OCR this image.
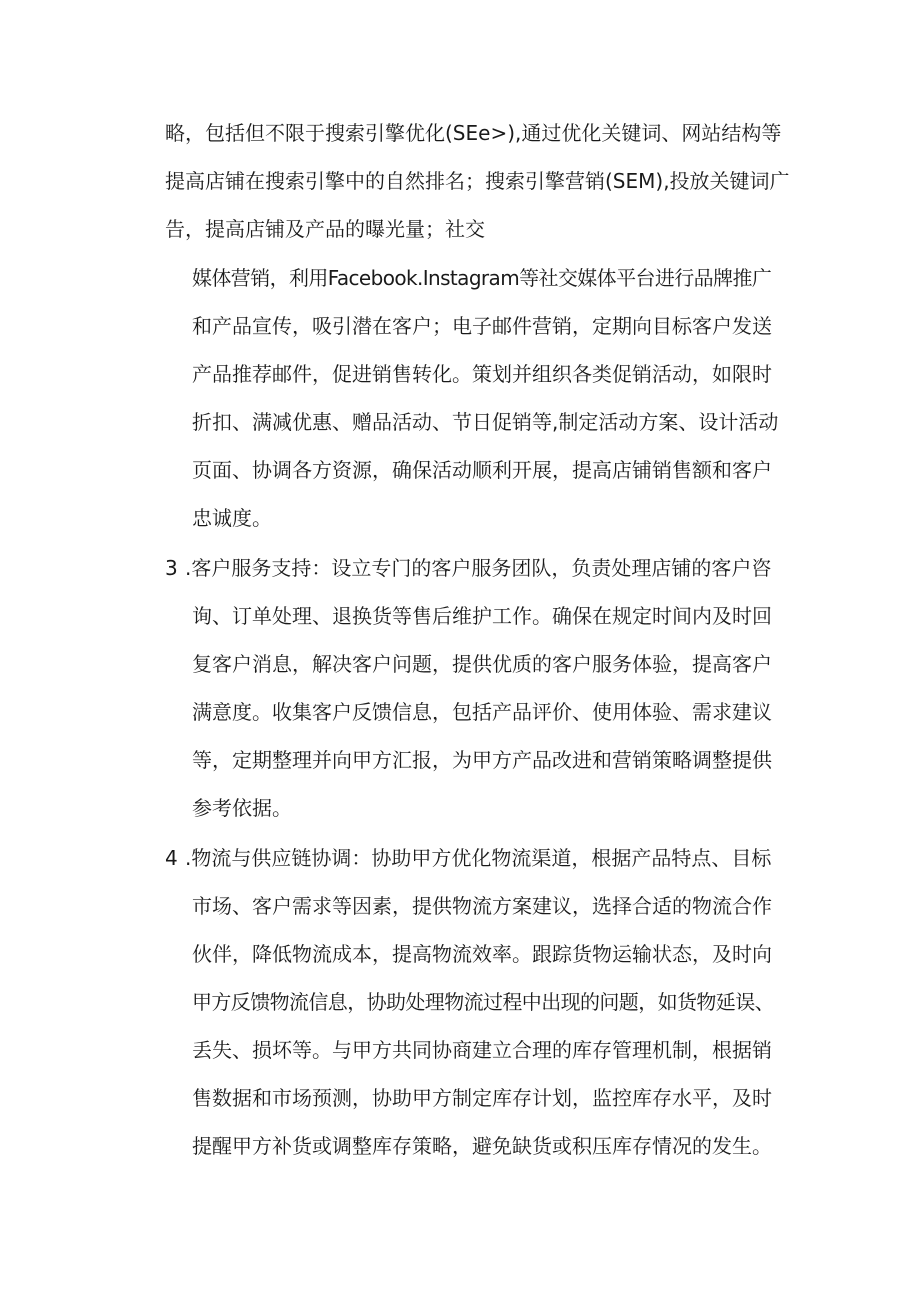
略，包括但不限于搜索引擎优化(SEe>),通过优化关键词、网站结构等
提高店铺在搜索引擎中的自然排名；搜索引擎营销(SEM),投放关键词广
告，提高店铺及产品的曝光量；社交
媒体营销，利用Facebook.Instagram等社交媒体平台进行品牌推广
和产品宣传，吸引潜在客户；电子邮件营销，定期向目标客户发送
产品推荐邮件，促进销售转化。策划并组织各类促销活动，如限时
折扣、满减优惠、赠品活动、节日促销等,制定活动方案、设计活动
页面、协调各方资源，确保活动顺利开展，提高店铺销售额和客户
忠诚度。
3 .客户服务支持：设立专门的客户服务团队，负责处理店铺的客户咨
询、订单处理、退换货等售后维护工作。确保在规定时间内及时回
复客户消息，解决客户问题，提供优质的客户服务体验，提高客户
满意度。收集客户反馈信息，包括产品评价、使用体验、需求建议
等，定期整理并向甲方汇报，为甲方产品改进和营销策略调整提供
参考依据。
4 .物流与供应链协调：协助甲方优化物流渠道，根据产品特点、目标
市场、客户需求等因素，提供物流方案建议，选择合适的物流合作
伙伴，降低物流成本，提高物流效率。跟踪货物运输状态，及时向
甲方反馈物流信息，协助处理物流过程中出现的问题，如货物延误、
丢失、损坏等。与甲方共同协商建立合理的库存管理机制，根据销
售数据和市场预测，协助甲方制定库存计划，监控库存水平，及时
提醒甲方补货或调整库存策略，避免缺货或积压库存情况的发生。
